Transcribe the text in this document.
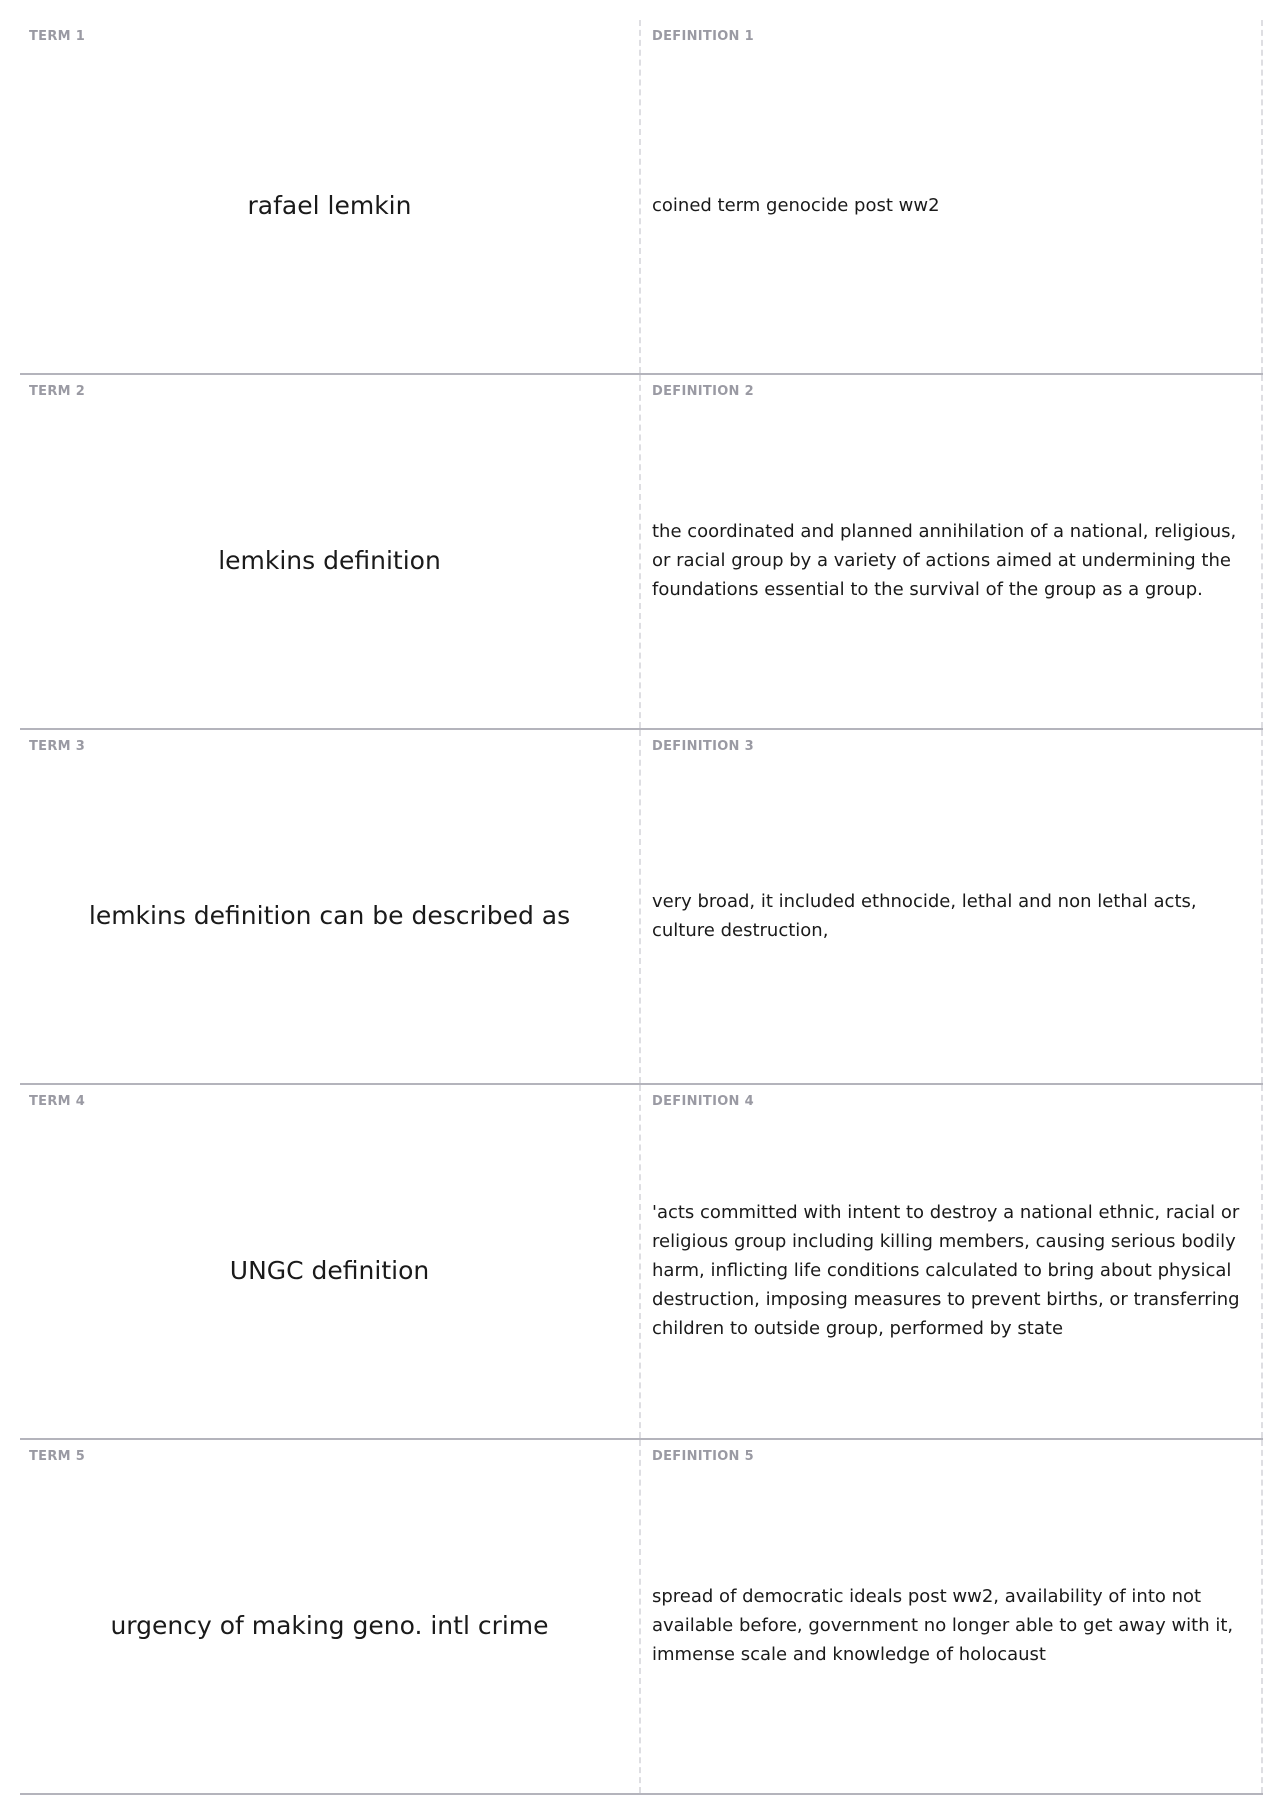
TERM 1
rafael lemkin
DEFINITION 1
coined term genocide post ww2
TERM 2
lemkins definition
DEFINITION 2
the coordinated and planned annihilation of a national, religious, or racial group by a variety of actions aimed at undermining the foundations essential to the survival of the group as a group.
TERM 3
lemkins definition can be described as
DEFINITION 3
very broad, it included ethnocide, lethal and non lethal acts, culture destruction,
TERM 4
UNGC definition
DEFINITION 4
'acts committed with intent to destroy a national ethnic, racial or religious group including killing members, causing serious bodily harm, inflicting life conditions calculated to bring about physical destruction, imposing measures to prevent births, or transferring children to outside group, performed by state
TERM 5
urgency of making geno. intl crime
DEFINITION 5
spread of democratic ideals post ww2, availability of into not available before, government no longer able to get away with it, immense scale and knowledge of holocaust
